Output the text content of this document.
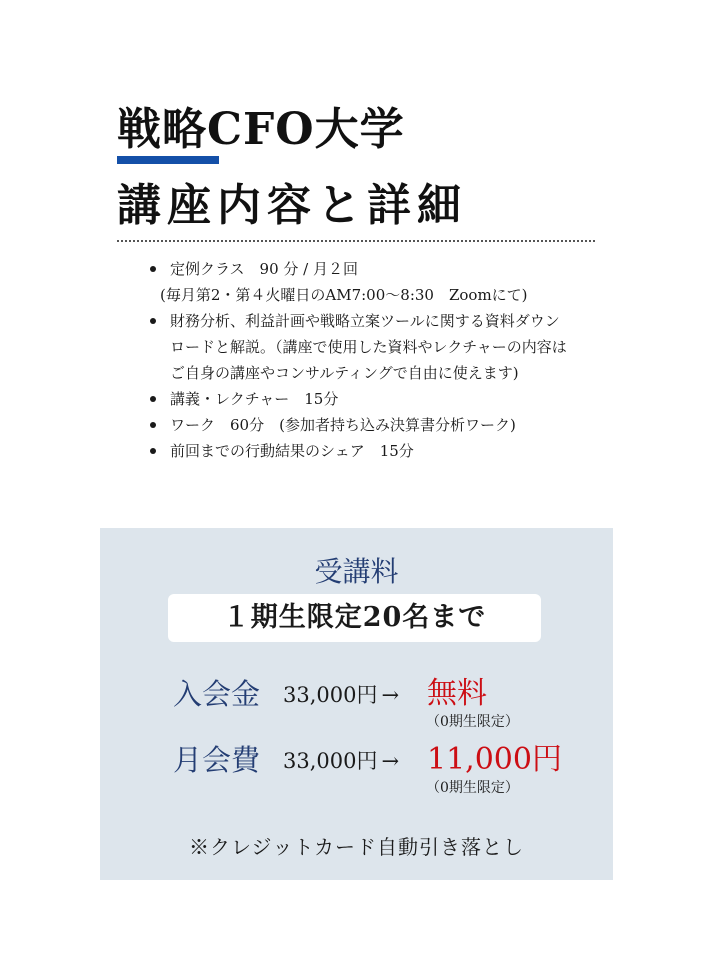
戦略CFO大学
講座内容と詳細
定例クラス　90 分 / 月２回
(毎月第2・第４火曜日のAM7:00〜8:30　Zoomにて)
財務分析、利益計画や戦略立案ツールに関する資料ダウンロードと解説。（講座で使用した資料やレクチャーの内容はご自身の講座やコンサルティングで自由に使えます)
講義・レクチャー　15分
ワーク　60分　(参加者持ち込み決算書分析ワーク)
前回までの行動結果のシェア　15分
受講料
１期生限定20名まで
入会金 33,000円 → 無料
（0期生限定）
月会費 33,000円 → 11,000円
（0期生限定）
※クレジットカード自動引き落とし
